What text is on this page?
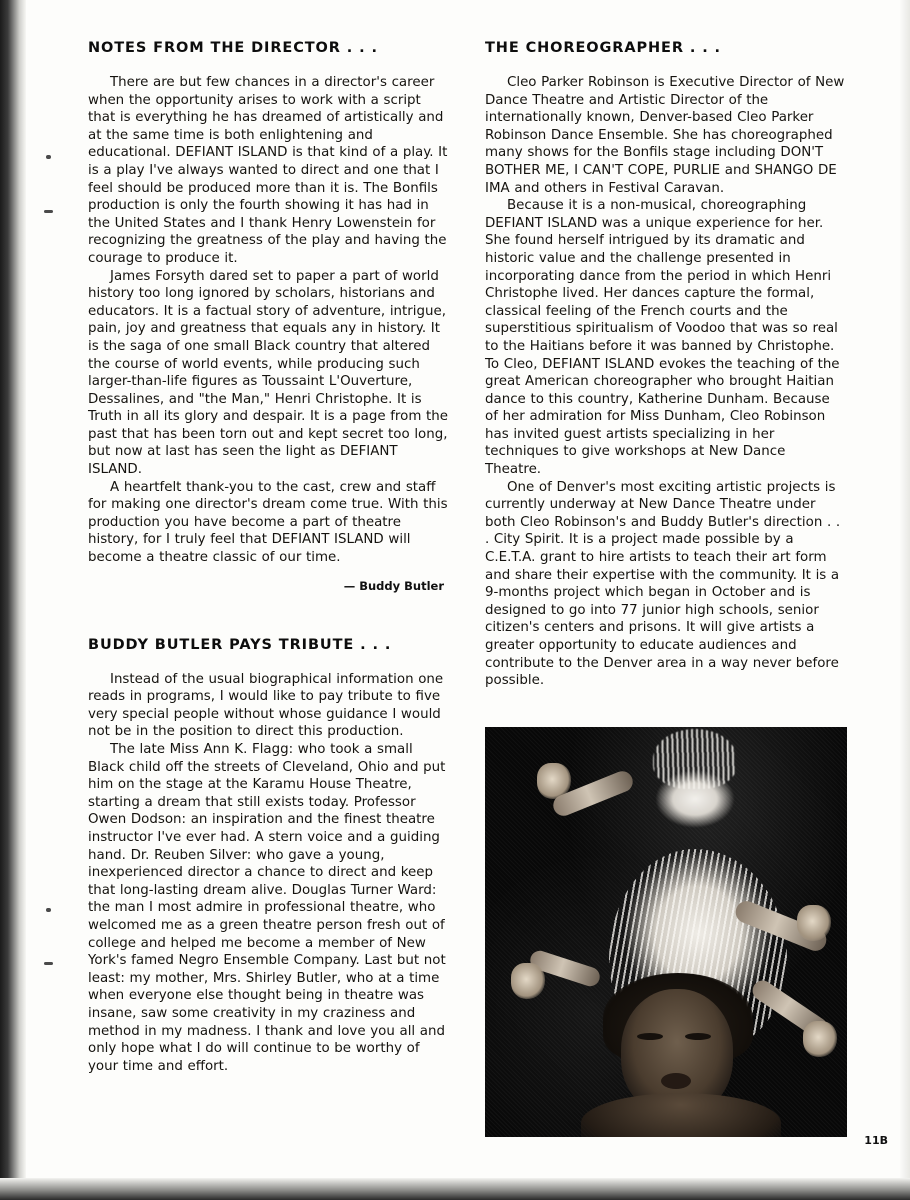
NOTES FROM THE DIRECTOR . . .

There are but few chances in a director's career when the opportunity arises to work with a script that is everything he has dreamed of artistically and at the same time is both enlightening and educational. DEFIANT ISLAND is that kind of a play. It is a play I've always wanted to direct and one that I feel should be produced more than it is. The Bonfils production is only the fourth showing it has had in the United States and I thank Henry Lowenstein for recognizing the greatness of the play and having the courage to produce it.

James Forsyth dared set to paper a part of world history too long ignored by scholars, historians and educators. It is a factual story of adventure, intrigue, pain, joy and greatness that equals any in history. It is the saga of one small Black country that altered the course of world events, while producing such larger-than-life figures as Toussaint L'Ouverture, Dessalines, and "the Man," Henri Christophe. It is Truth in all its glory and despair. It is a page from the past that has been torn out and kept secret too long, but now at last has seen the light as DEFIANT ISLAND.

A heartfelt thank-you to the cast, crew and staff for making one director's dream come true. With this production you have become a part of theatre history, for I truly feel that DEFIANT ISLAND will become a theatre classic of our time.

— Buddy Butler
BUDDY BUTLER PAYS TRIBUTE . . .

Instead of the usual biographical information one reads in programs, I would like to pay tribute to five very special people without whose guidance I would not be in the position to direct this production.

The late Miss Ann K. Flagg: who took a small Black child off the streets of Cleveland, Ohio and put him on the stage at the Karamu House Theatre, starting a dream that still exists today. Professor Owen Dodson: an inspiration and the finest theatre instructor I've ever had. A stern voice and a guiding hand. Dr. Reuben Silver: who gave a young, inexperienced director a chance to direct and keep that long-lasting dream alive. Douglas Turner Ward: the man I most admire in professional theatre, who welcomed me as a green theatre person fresh out of college and helped me become a member of New York's famed Negro Ensemble Company. Last but not least: my mother, Mrs. Shirley Butler, who at a time when everyone else thought being in theatre was insane, saw some creativity in my craziness and method in my madness. I thank and love you all and only hope what I do will continue to be worthy of your time and effort.

THE CHOREOGRAPHER . . .

Cleo Parker Robinson is Executive Director of New Dance Theatre and Artistic Director of the internationally known, Denver-based Cleo Parker Robinson Dance Ensemble. She has choreographed many shows for the Bonfils stage including DON'T BOTHER ME, I CAN'T COPE, PURLIE and SHANGO DE IMA and others in Festival Caravan.

Because it is a non-musical, choreographing DEFIANT ISLAND was a unique experience for her. She found herself intrigued by its dramatic and historic value and the challenge presented in incorporating dance from the period in which Henri Christophe lived. Her dances capture the formal, classical feeling of the French courts and the superstitious spiritualism of Voodoo that was so real to the Haitians before it was banned by Christophe. To Cleo, DEFIANT ISLAND evokes the teaching of the great American choreographer who brought Haitian dance to this country, Katherine Dunham. Because of her admiration for Miss Dunham, Cleo Robinson has invited guest artists specializing in her techniques to give workshops at New Dance Theatre.

One of Denver's most exciting artistic projects is currently underway at New Dance Theatre under both Cleo Robinson's and Buddy Butler's direction . . . City Spirit. It is a project made possible by a C.E.T.A. grant to hire artists to teach their art form and share their expertise with the community. It is a 9-months project which began in October and is designed to go into 77 junior high schools, senior citizen's centers and prisons. It will give artists a greater opportunity to educate audiences and contribute to the Denver area in a way never before possible.

11B
